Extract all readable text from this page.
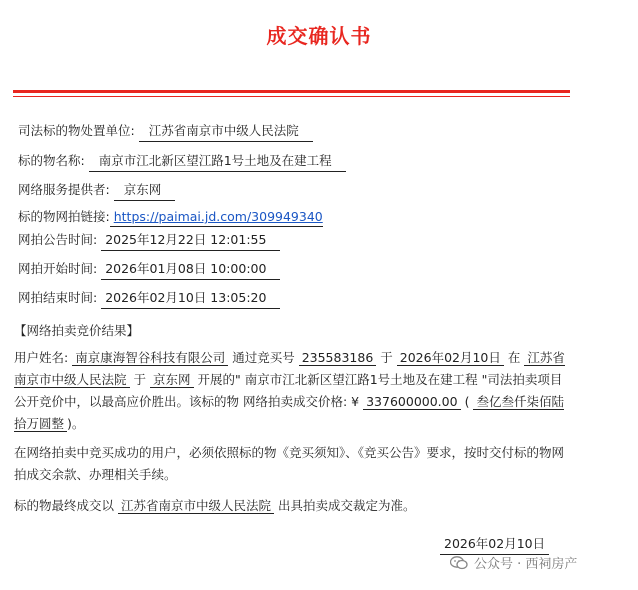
成交确认书
司法标的物处置单位: 江苏省南京市中级人民法院
标的物名称: 南京市江北新区望江路1号土地及在建工程
网络服务提供者: 京东网
标的物网拍链接: https://paimai.jd.com/309949340
网拍公告时间: 2025年12月22日 12:01:55
网拍开始时间: 2026年01月08日 10:00:00
网拍结束时间: 2026年02月10日 13:05:20
【网络拍卖竞价结果】
用户姓名: 南京康海智谷科技有限公司 通过竞买号 235583186 于 2026年02月10日 在 江苏省南京市中级人民法院 于 京东网 开展的" 南京市江北新区望江路1号土地及在建工程 "司法拍卖项目公开竞价中，以最高应价胜出。该标的物 网络拍卖成交价格: ¥ 337600000.00 ( 叁亿叁仟柒佰陆拾万圆整 )。
在网络拍卖中竞买成功的用户，必须依照标的物《竞买须知》、《竞买公告》要求，按时交付标的物网拍成交余款、办理相关手续。
标的物最终成交以 江苏省南京市中级人民法院 出具拍卖成交裁定为准。
2026年02月10日
公众号 · 西祠房产
